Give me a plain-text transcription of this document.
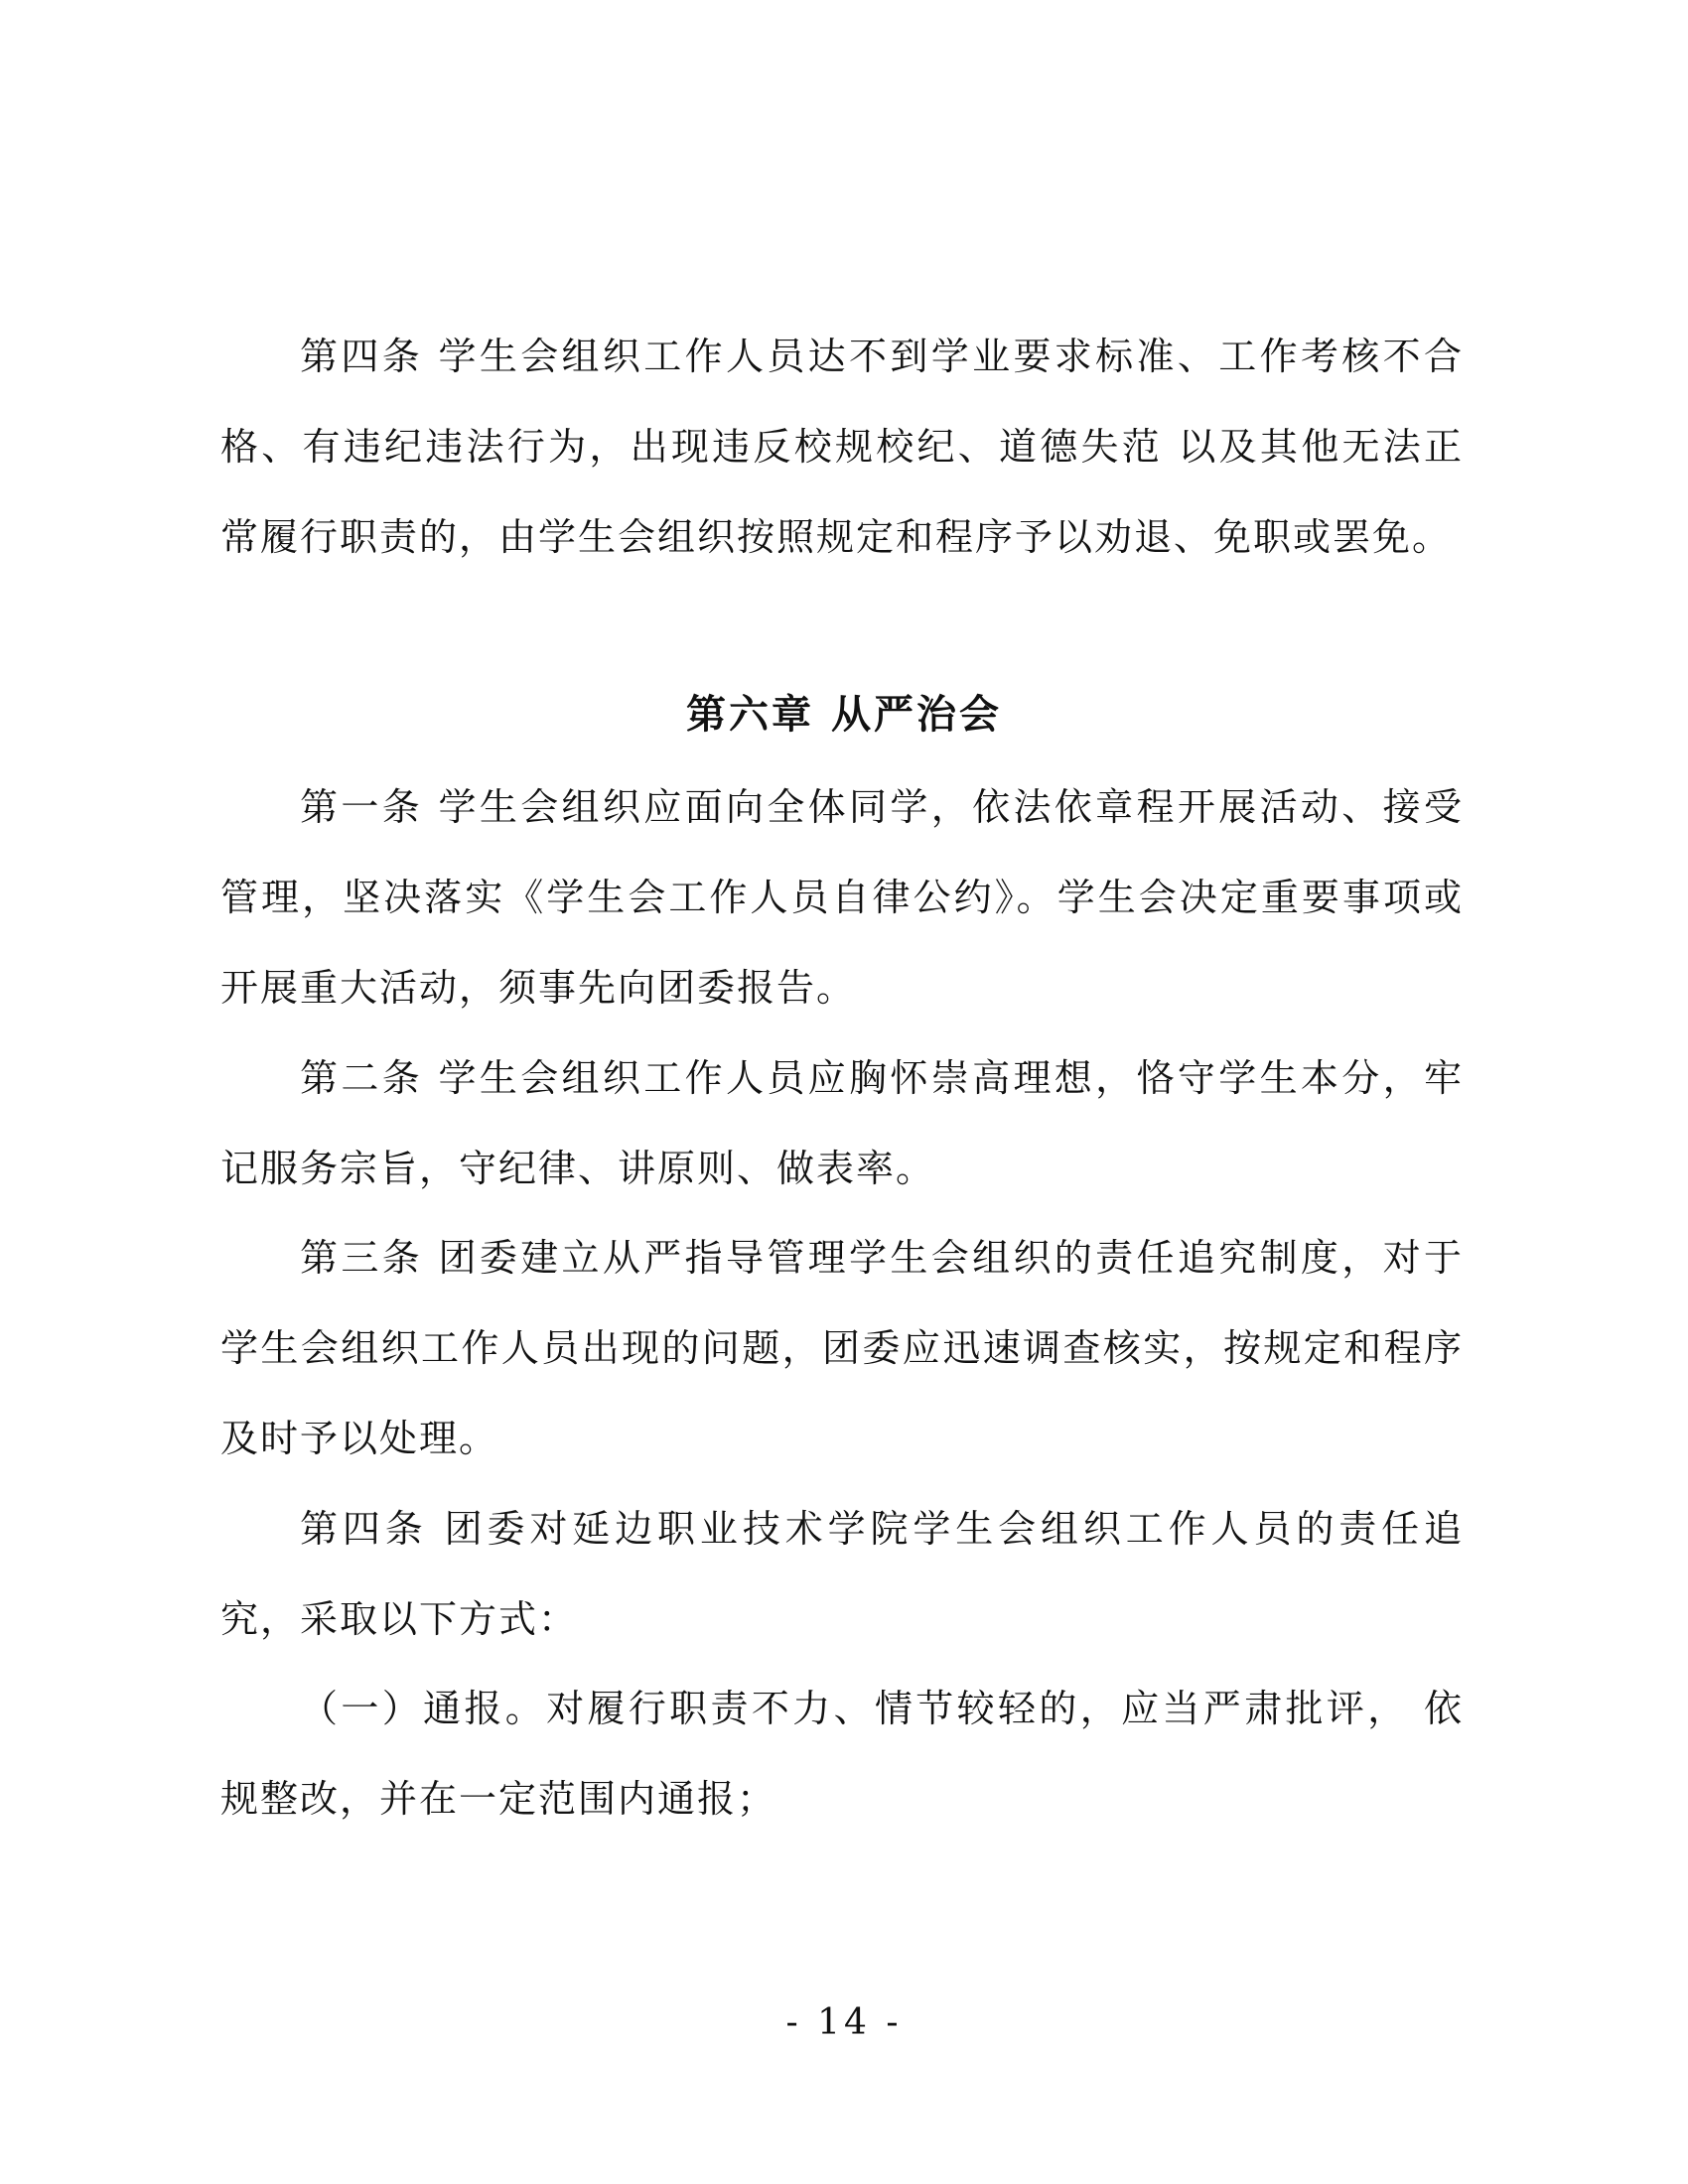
第四条 学生会组织工作人员达不到学业要求标准、工作考核不合格、有违纪违法行为，出现违反校规校纪、道德失范 以及其他无法正常履行职责的，由学生会组织按照规定和程序予以劝退、免职或罢免。

第六章 从严治会

第一条 学生会组织应面向全体同学，依法依章程开展活动、接受管理，坚决落实《学生会工作人员自律公约》。学生会决定重要事项或开展重大活动，须事先向团委报告。

第二条 学生会组织工作人员应胸怀崇高理想，恪守学生本分，牢记服务宗旨，守纪律、讲原则、做表率。

第三条 团委建立从严指导管理学生会组织的责任追究制度，对于学生会组织工作人员出现的问题，团委应迅速调查核实，按规定和程序及时予以处理。

第四条 团委对延边职业技术学院学生会组织工作人员的责任追究，采取以下方式：

（一）通报。对履行职责不力、情节较轻的，应当严肃批评， 依规整改，并在一定范围内通报；

- 14 -
